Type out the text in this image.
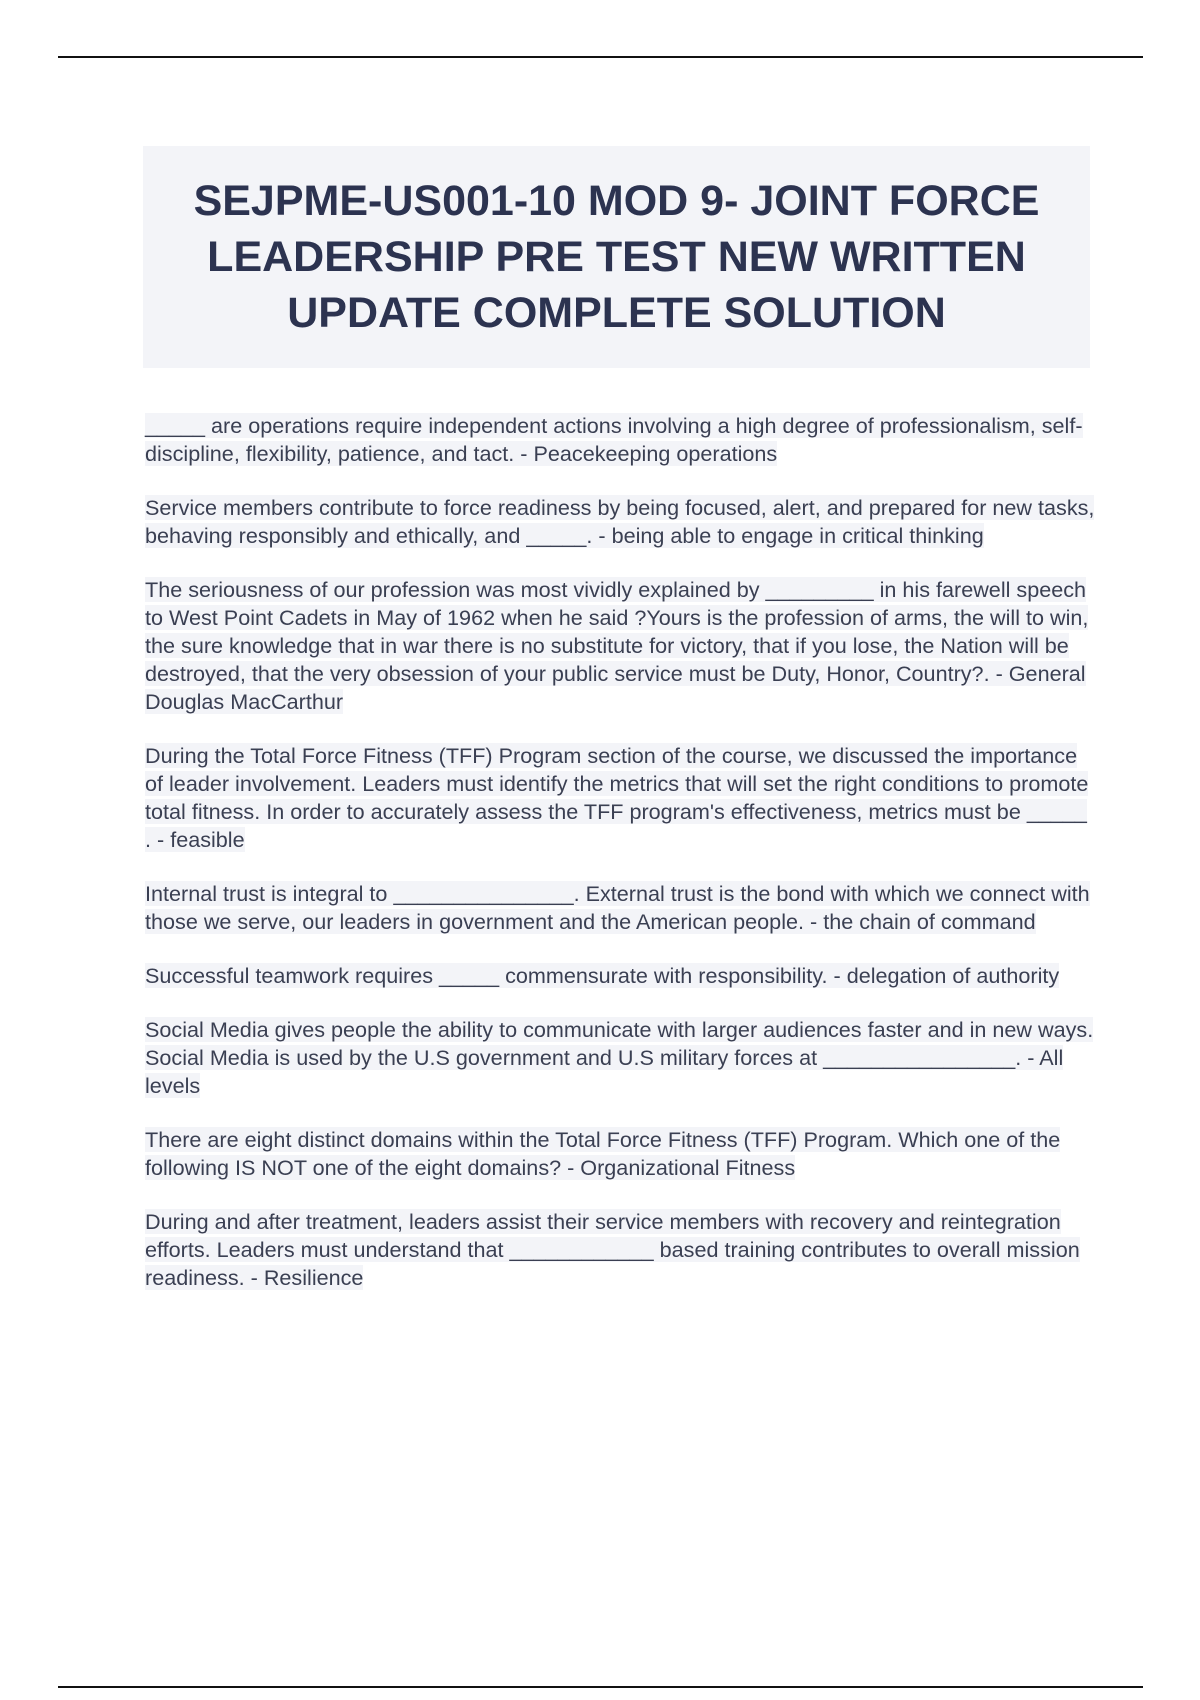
SEJPME-US001-10 MOD 9- JOINT FORCE LEADERSHIP PRE TEST NEW WRITTEN UPDATE COMPLETE SOLUTION

_____ are operations require independent actions involving a high degree of professionalism, self-discipline, flexibility, patience, and tact. - Peacekeeping operations

Service members contribute to force readiness by being focused, alert, and prepared for new tasks, behaving responsibly and ethically, and _____. - being able to engage in critical thinking

The seriousness of our profession was most vividly explained by _________ in his farewell speech to West Point Cadets in May of 1962 when he said ?Yours is the profession of arms, the will to win, the sure knowledge that in war there is no substitute for victory, that if you lose, the Nation will be destroyed, that the very obsession of your public service must be Duty, Honor, Country?. - General Douglas MacCarthur

During the Total Force Fitness (TFF) Program section of the course, we discussed the importance of leader involvement. Leaders must identify the metrics that will set the right conditions to promote total fitness. In order to accurately assess the TFF program's effectiveness, metrics must be _____ . - feasible

Internal trust is integral to _______________. External trust is the bond with which we connect with those we serve, our leaders in government and the American people. - the chain of command

Successful teamwork requires _____ commensurate with responsibility. - delegation of authority

Social Media gives people the ability to communicate with larger audiences faster and in new ways. Social Media is used by the U.S government and U.S military forces at ________________. - All levels

There are eight distinct domains within the Total Force Fitness (TFF) Program. Which one of the following IS NOT one of the eight domains? - Organizational Fitness

During and after treatment, leaders assist their service members with recovery and reintegration efforts. Leaders must understand that ____________ based training contributes to overall mission readiness. - Resilience
